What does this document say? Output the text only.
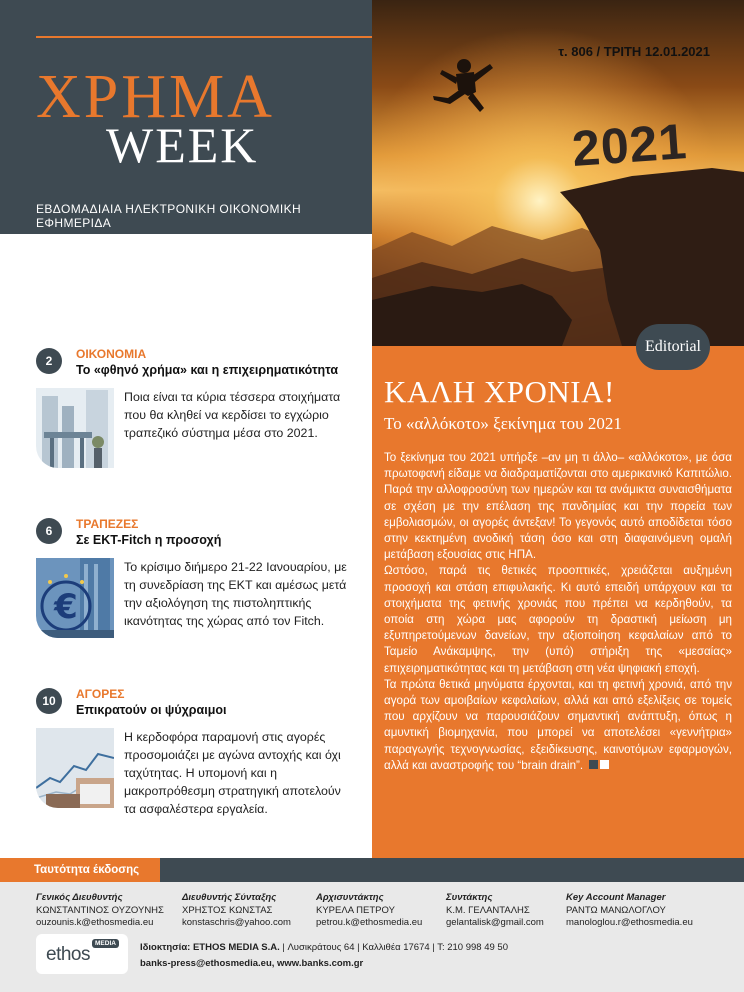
ΧΡΗΜΑ
WEEK
ΕΒΔΟΜΑΔΙΑΙΑ ΗΛΕΚΤΡΟΝΙΚΗ ΟΙΚΟΝΟΜΙΚΗ ΕΦΗΜΕΡΙΔΑ
τ. 806 / ΤΡΙΤΗ 12.01.2021
2021
Editorial
ΚΑΛΗ ΧΡΟΝΙΑ!
Το «αλλόκοτο» ξεκίνημα του 2021

Το ξεκίνημα του 2021 υπήρξε –αν μη τι άλλο– «αλλόκοτο», με όσα πρωτοφανή είδαμε να διαδραματίζονται στο αμερικανικό Καπιτώλιο. Παρά την αλλοφροσύνη των ημερών και τα ανάμικτα συναισθήματα σε σχέση με την επέλαση της πανδημίας και την πορεία των εμβολιασμών, οι αγορές άντεξαν! Το γεγονός αυτό αποδίδεται τόσο στην κεκτημένη ανοδική τάση όσο και στη διαφαινόμενη ομαλή μετάβαση εξουσίας στις ΗΠΑ.

Ωστόσο, παρά τις θετικές προοπτικές, χρειάζεται αυξημένη προσοχή και στάση επιφυλακής. Κι αυτό επειδή υπάρχουν και τα στοιχήματα της φετινής χρονιάς που πρέπει να κερδηθούν, τα οποία στη χώρα μας αφορούν τη δραστική μείωση μη εξυπηρετούμενων δανείων, την αξιοποίηση κεφαλαίων από το Ταμείο Ανάκαμψης, την (υπό) στήριξη της «μεσαίας» επιχειρηματικότητας και τη μετάβαση στη νέα ψηφιακή εποχή.

Τα πρώτα θετικά μηνύματα έρχονται, και τη φετινή χρονιά, από την αγορά των αμοιβαίων κεφαλαίων, αλλά και από εξελίξεις σε τομείς που αρχίζουν να παρουσιάζουν σημαντική ανάπτυξη, όπως η αμυντική βιομηχανία, που μπορεί να αποτελέσει «γεννήτρια» παραγωγής τεχνογνωσίας, εξειδίκευσης, καινοτόμων εφαρμογών, αλλά και αναστροφής του “brain drain”.

2	ΟΙΚΟΝΟΜΙΑ
Το «φθηνό χρήμα» και η επιχειρηματικότητα
Ποια είναι τα κύρια τέσσερα στοιχήματα που θα κληθεί να κερδίσει το εγχώριο τραπεζικό σύστημα μέσα στο 2021.
6	ΤΡΑΠΕΖΕΣ
Σε ΕΚΤ-Fitch η προσοχή
€
Το κρίσιμο διήμερο 21-22 Ιανουαρίου, με τη συνεδρίαση της ΕΚΤ και αμέσως μετά την αξιολόγηση της πιστοληπτικής ικανότητας της χώρας από τον Fitch.
10	ΑΓΟΡΕΣ
Επικρατούν οι ψύχραιμοι
Η κερδοφόρα παραμονή στις αγορές προσομοιάζει με αγώνα αντοχής και όχι ταχύτητας. Η υπομονή και η μακροπρόθεσμη στρατηγική αποτελούν τα ασφαλέστερα εργαλεία.
Ταυτότητα έκδοσης
Γενικός Διευθυντής
ΚΩΝΣΤΑΝΤΙΝΟΣ ΟΥΖΟΥΝΗΣ
ouzounis.k@ethosmedia.eu
Διευθυντής Σύνταξης
ΧΡΗΣΤΟΣ ΚΩΝΣΤΑΣ
konstaschris@yahoo.com
Αρχισυντάκτης
ΚΥΡΕΛΑ ΠΕΤΡΟΥ
petrou.k@ethosmedia.eu
Συντάκτης
Κ.Μ. ΓΕΛΑΝΤΑΛΗΣ
gelantalisk@gmail.com
Key Account Manager
ΡΑΝΤΩ ΜΑΝΩΛΟΓΛΟΥ
manologlou.r@ethosmedia.eu
ethos
MEDIA	Ιδιοκτησία: ETHOS MEDIA S.A. | Λυσικράτους 64 | Καλλιθέα 17674 | Τ: 210 998 49 50
banks-press@ethosmedia.eu, www.banks.com.gr
